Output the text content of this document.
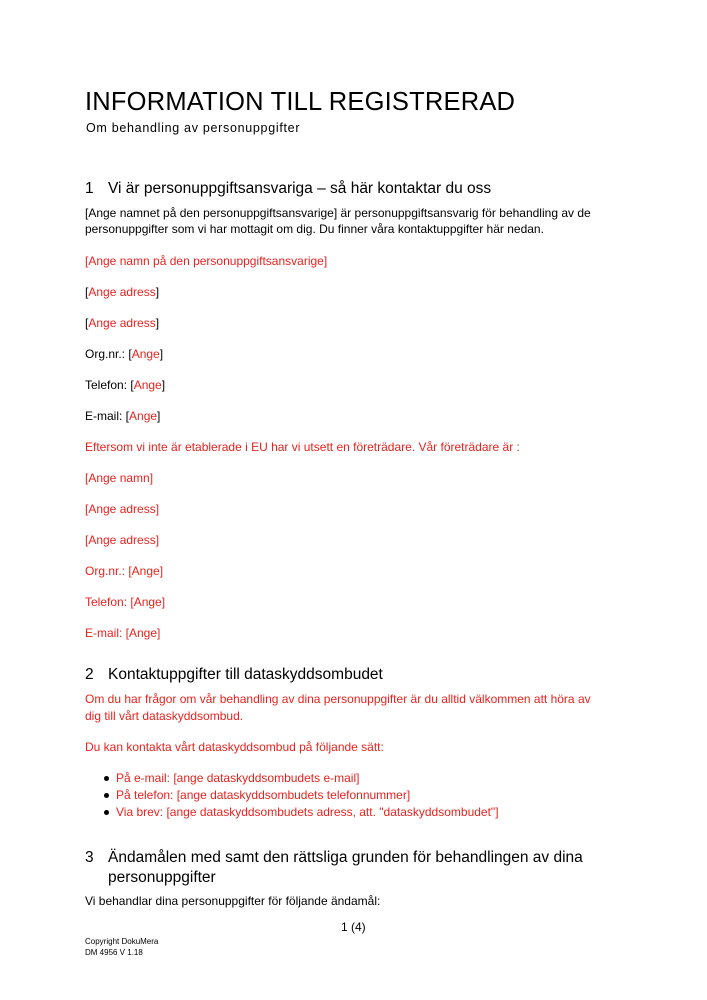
INFORMATION TILL REGISTRERAD
Om behandling av personuppgifter
1 Vi är personuppgiftsansvariga – så här kontaktar du oss
[Ange namnet på den personuppgiftsansvarige] är personuppgiftsansvarig för behandling av de
personuppgifter som vi har mottagit om dig. Du finner våra kontaktuppgifter här nedan.
[Ange namn på den personuppgiftsansvarige]
[Ange adress]
[Ange adress]
Org.nr.: [Ange]
Telefon: [Ange]
E-mail: [Ange]
Eftersom vi inte är etablerade i EU har vi utsett en företrädare. Vår företrädare är :
[Ange namn]
[Ange adress]
[Ange adress]
Org.nr.: [Ange]
Telefon: [Ange]
E-mail: [Ange]
2 Kontaktuppgifter till dataskyddsombudet
Om du har frågor om vår behandling av dina personuppgifter är du alltid välkommen att höra av
dig till vårt dataskyddsombud.
Du kan kontakta vårt dataskyddsombud på följande sätt:
På e-mail: [ange dataskyddsombudets e-mail]
På telefon: [ange dataskyddsombudets telefonnummer]
Via brev: [ange dataskyddsombudets adress, att. "dataskyddsombudet"]
3 Ändamålen med samt den rättsliga grunden för behandlingen av dina
personuppgifter
Vi behandlar dina personuppgifter för följande ändamål:
1 (4)
Copyright DokuMera
DM 4956 V 1.18
